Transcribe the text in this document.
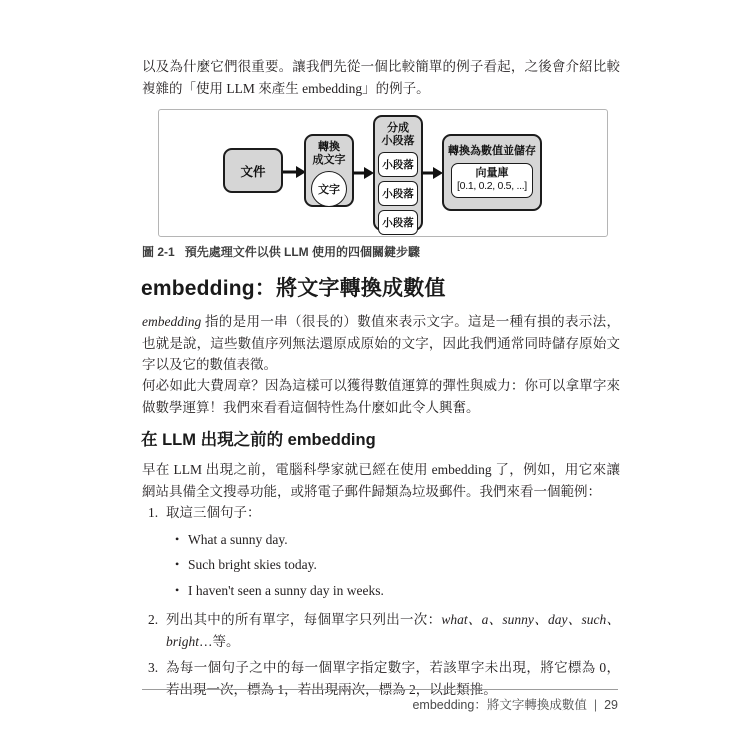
以及為什麼它們很重要。讓我們先從一個比較簡單的例子看起，之後會介紹比較複雜的「使用 LLM 來產生 embedding」的例子。

文件
轉換
成文字
文字
分成
小段落
小段落
小段落
小段落
轉換為數值並儲存
向量庫
[0.1, 0.2, 0.5, ...]
圖 2-1 預先處理文件以供 LLM 使用的四個關鍵步驟
embedding：將文字轉換成數值

embedding 指的是用一串（很長的）數值來表示文字。這是一種有損的表示法，也就是說，這些數值序列無法還原成原始的文字，因此我們通常同時儲存原始文字以及它的數值表徵。

何必如此大費周章？因為這樣可以獲得數值運算的彈性與威力：你可以拿單字來做數學運算！我們來看看這個特性為什麼如此令人興奮。

在 LLM 出現之前的 embedding

早在 LLM 出現之前，電腦科學家就已經在使用 embedding 了，例如，用它來讓網站具備全文搜尋功能，或將電子郵件歸類為垃圾郵件。我們來看一個範例：

1. 取這三個句子：
• What a sunny day.
• Such bright skies today.
• I haven't seen a sunny day in weeks.
2. 列出其中的所有單字，每個單字只列出一次：what、a、sunny、day、such、bright…等。
3. 為每一個句子之中的每一個單字指定數字，若該單字未出現，將它標為 0，若出現一次，標為 1，若出現兩次，標為 2，以此類推。
embedding：將文字轉換成數值 | 29
